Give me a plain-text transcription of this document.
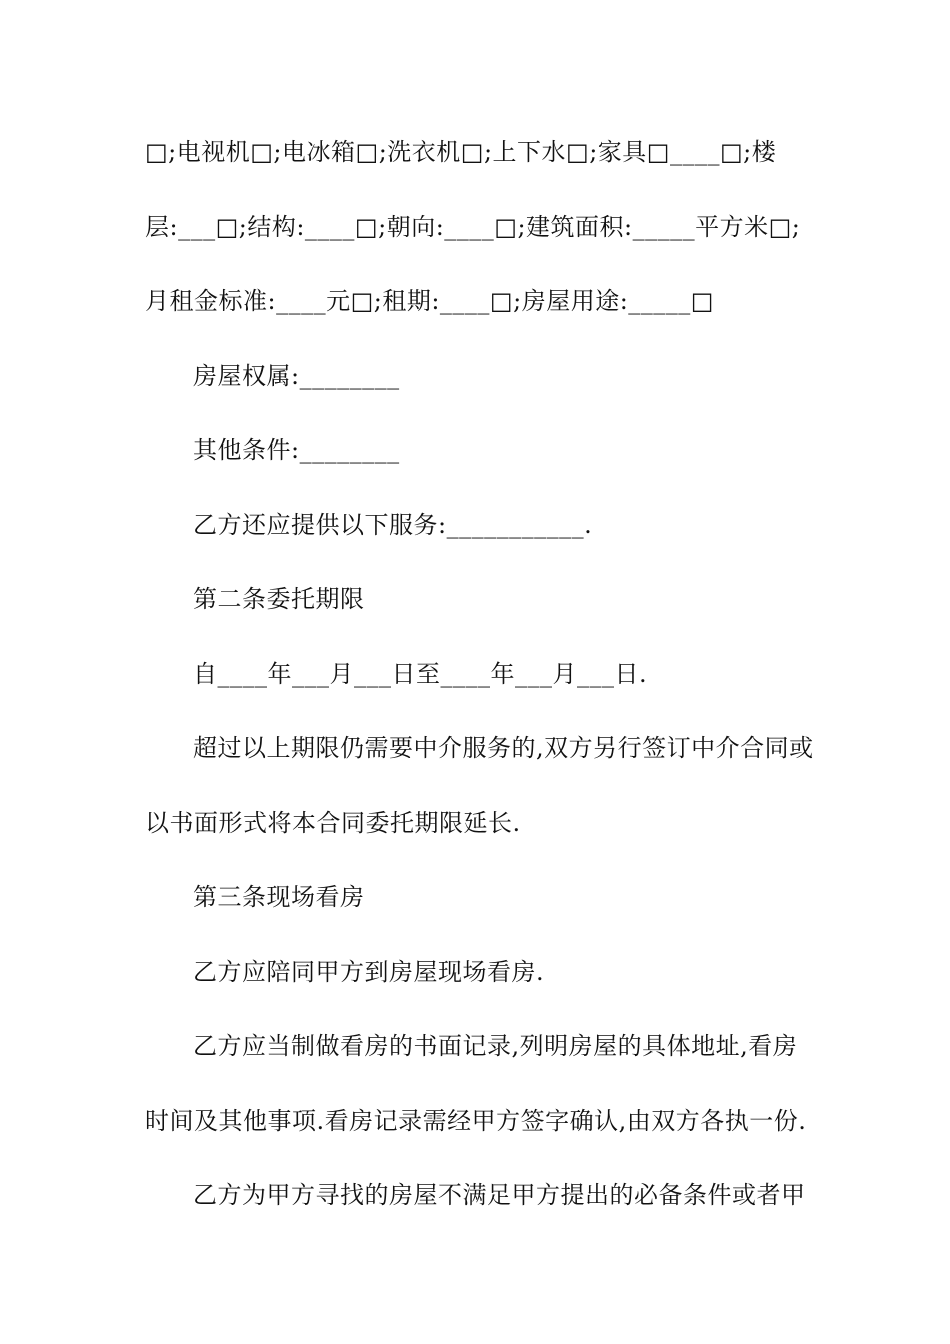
□;电视机□;电冰箱□;洗衣机□;上下水□;家具□____□;楼
层:___□;结构:____□;朝向:____□;建筑面积:_____平方米□;
月租金标准:____元□;租期:____□;房屋用途:_____□
房屋权属:________
其他条件:________
乙方还应提供以下服务:___________.
第二条委托期限
自____年___月___日至____年___月___日.
超过以上期限仍需要中介服务的,双方另行签订中介合同或
以书面形式将本合同委托期限延长.
第三条现场看房
乙方应陪同甲方到房屋现场看房.
乙方应当制做看房的书面记录,列明房屋的具体地址,看房
时间及其他事项.看房记录需经甲方签字确认,由双方各执一份.
乙方为甲方寻找的房屋不满足甲方提出的必备条件或者甲
